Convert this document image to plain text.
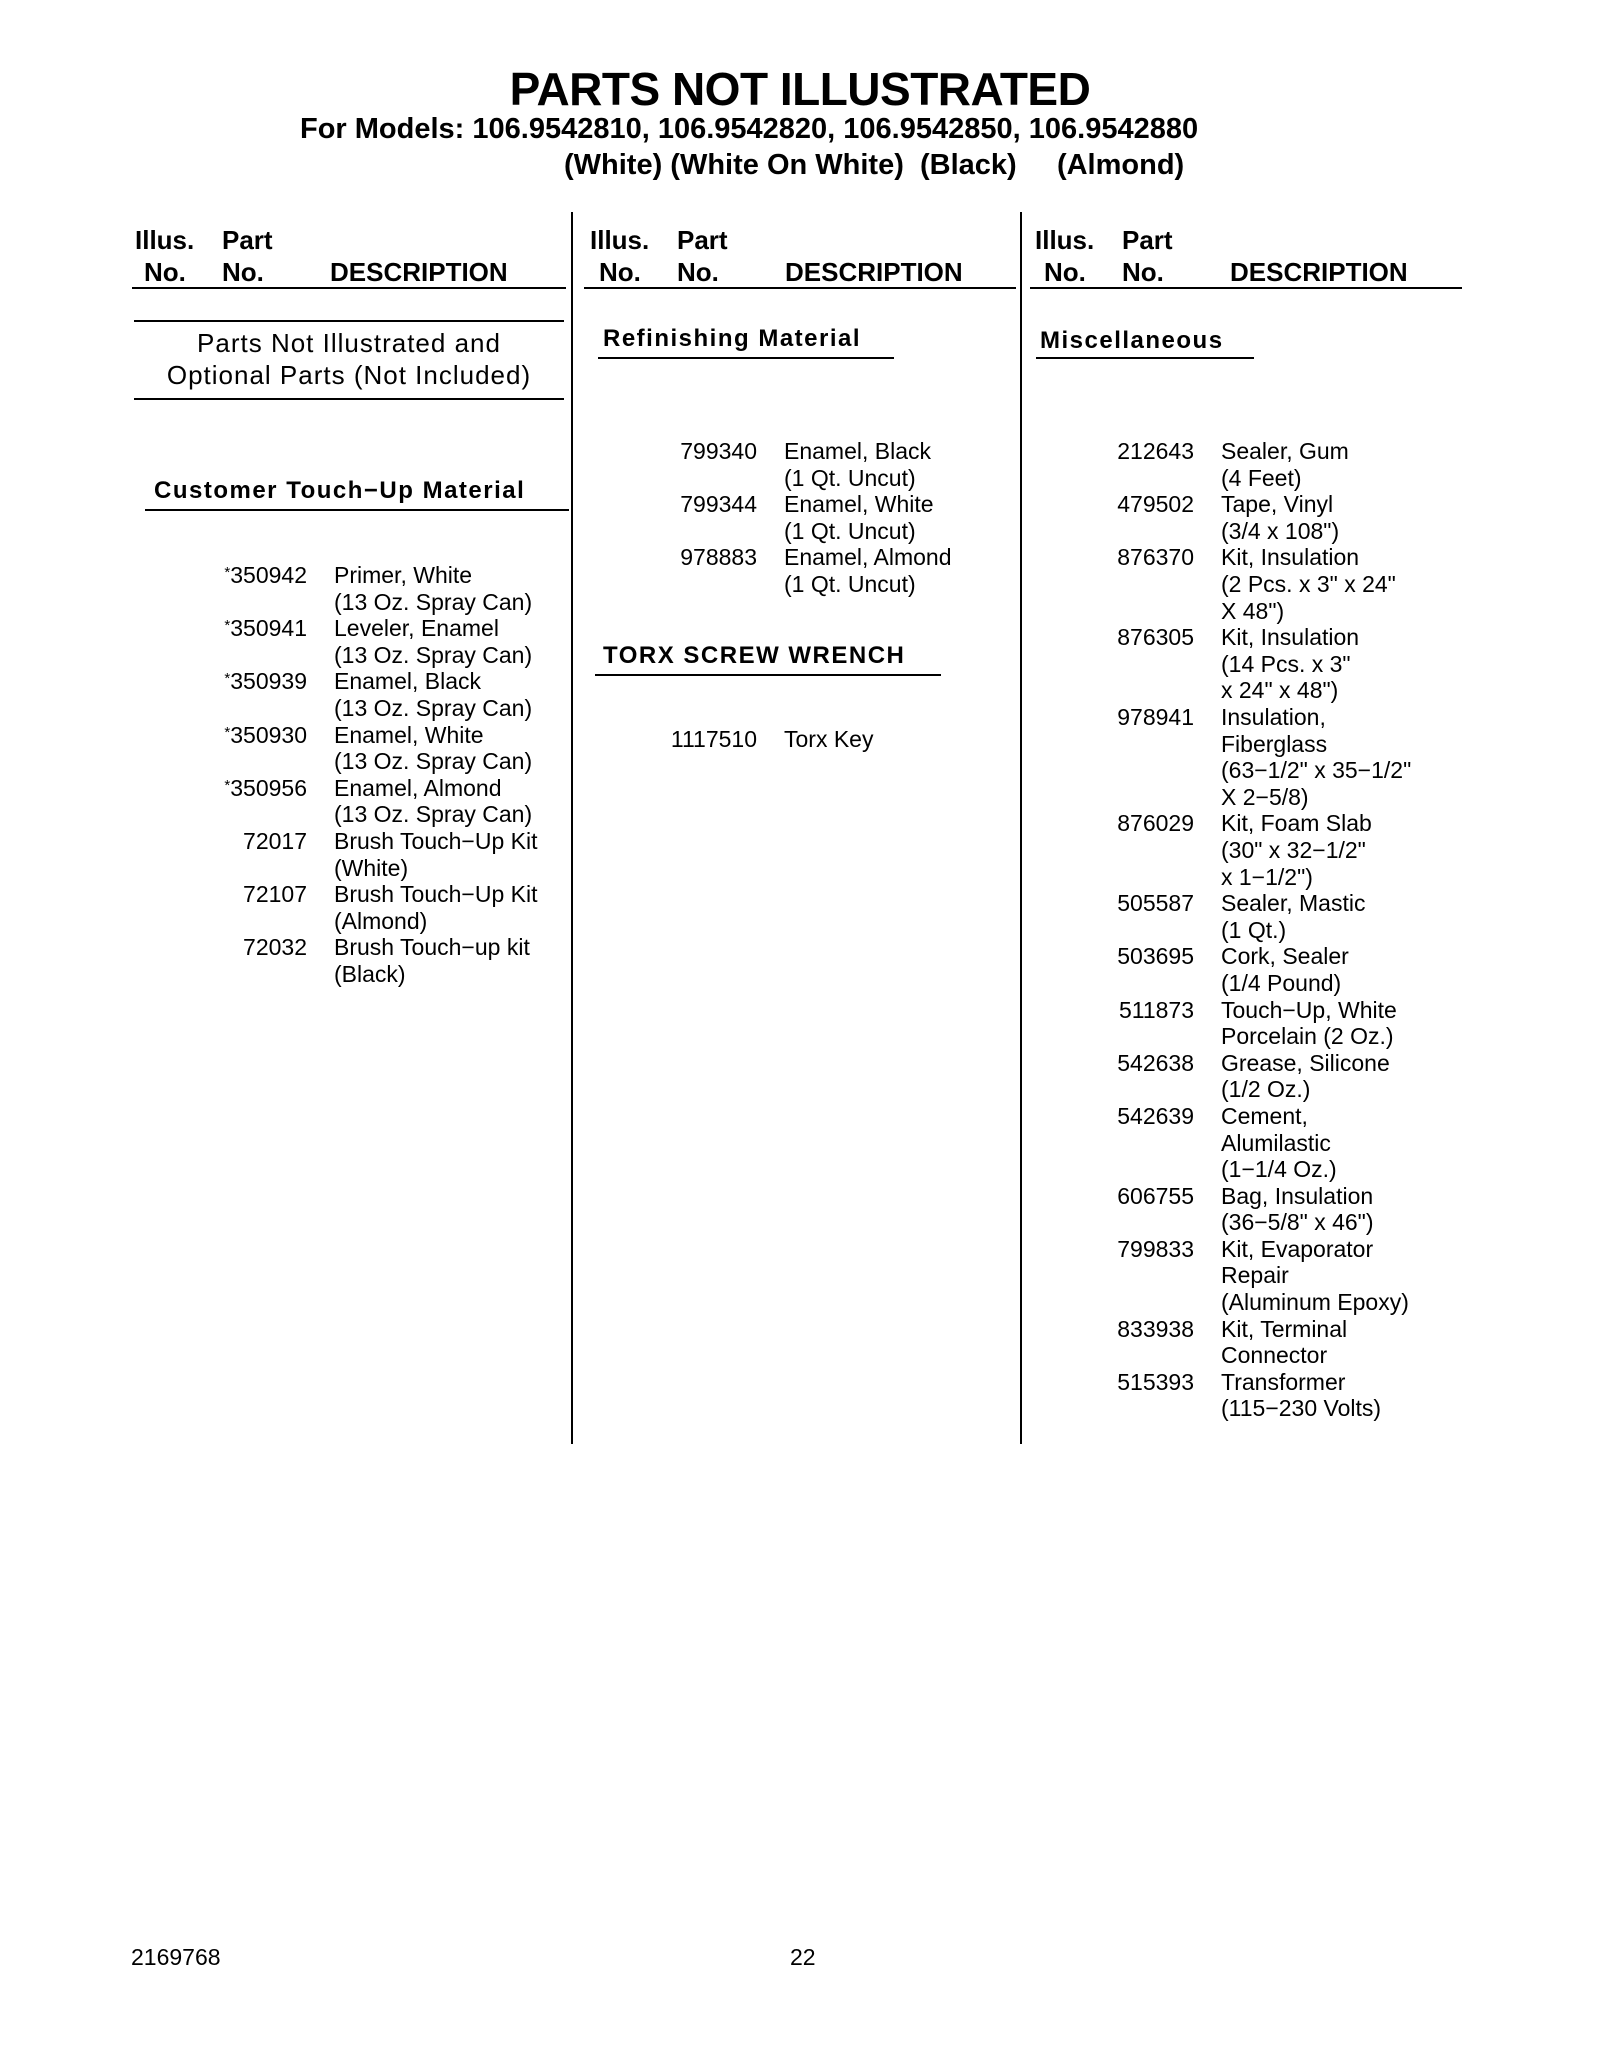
PARTS NOT ILLUSTRATED
For Models: 106.9542810, 106.9542820, 106.9542850, 106.9542880
(White) (White On White)  (Black)     (Almond)
Illus. Part
No. No.	DESCRIPTION
Illus. Part
No. No.	DESCRIPTION
Illus. Part
No. No.	DESCRIPTION
Parts Not Illustrated and
Optional Parts (Not Included)
Customer Touch−Up Material
*350942 Primer, White
(13 Oz. Spray Can)
*350941 Leveler, Enamel
(13 Oz. Spray Can)
*350939 Enamel, Black
(13 Oz. Spray Can)
*350930 Enamel, White
(13 Oz. Spray Can)
*350956 Enamel, Almond
(13 Oz. Spray Can)
72017 Brush Touch−Up Kit
(White)
72107 Brush Touch−Up Kit
(Almond)
72032 Brush Touch−up kit
(Black)
Refinishing Material
799340 Enamel, Black
(1 Qt. Uncut)
799344 Enamel, White
(1 Qt. Uncut)
978883 Enamel, Almond
(1 Qt. Uncut)
TORX SCREW WRENCH
1117510 Torx Key
Miscellaneous
212643 Sealer, Gum
(4 Feet)
479502 Tape, Vinyl
(3/4 x 108")
876370 Kit, Insulation
(2 Pcs. x 3" x 24"
X 48")
876305 Kit, Insulation
(14 Pcs. x 3"
x 24" x 48")
978941 Insulation,
Fiberglass
(63−1/2" x 35−1/2"
X 2−5/8)
876029 Kit, Foam Slab
(30" x 32−1/2"
x 1−1/2")
505587 Sealer, Mastic
(1 Qt.)
503695 Cork, Sealer
(1/4 Pound)
511873 Touch−Up, White
Porcelain (2 Oz.)
542638 Grease, Silicone
(1/2 Oz.)
542639 Cement,
Alumilastic
(1−1/4 Oz.)
606755 Bag, Insulation
(36−5/8" x 46")
799833 Kit, Evaporator
Repair
(Aluminum Epoxy)
833938 Kit, Terminal
Connector
515393 Transformer
(115−230 Volts)
2169768	22
